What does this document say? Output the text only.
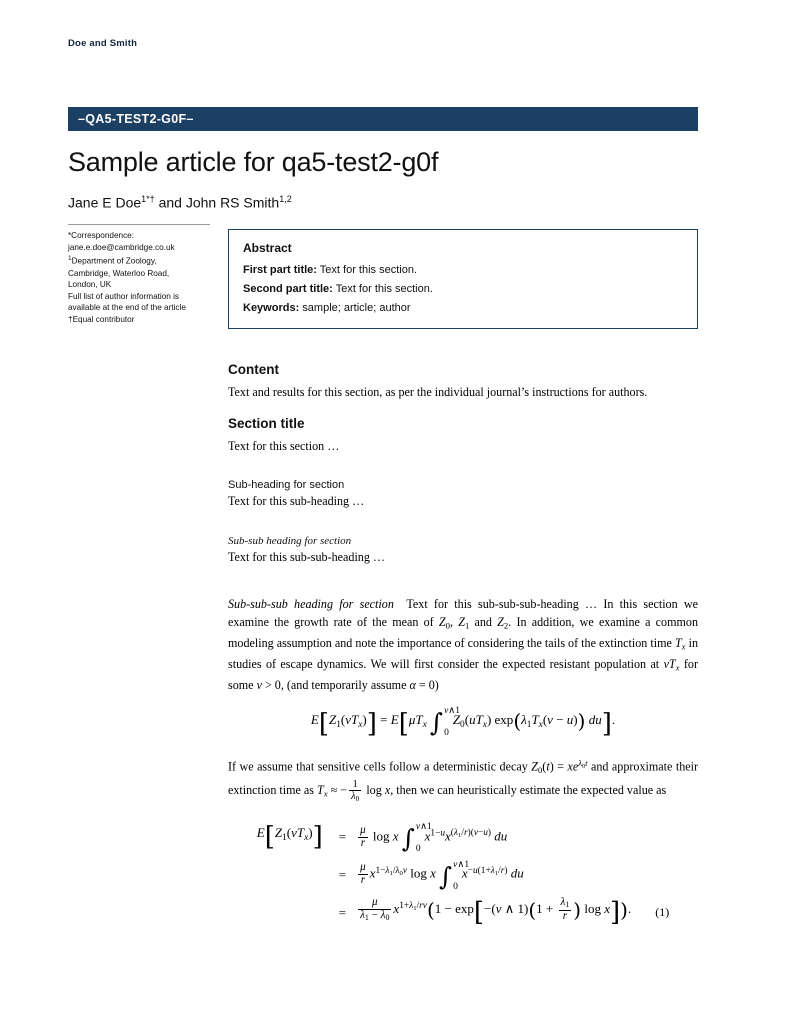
Doe and Smith
–QA5-TEST2-G0F–
Sample article for qa5-test2-g0f
Jane E Doe$^{1*\dagger}$ and John RS Smith$^{1,2}$
*Correspondence:
jane.e.doe@cambridge.co.uk
$^1$Department of Zoology,
Cambridge, Waterloo Road,
London, UK
Full list of author information is
available at the end of the article
†Equal contributor
Abstract
First part title: Text for this section.
Second part title: Text for this section.
Keywords: sample; article; author
Content

Text and results for this section, as per the individual journal’s instructions for authors.

Section title

Text for this section …

Sub-heading for section

Text for this sub-heading …

Sub-sub heading for section

Text for this sub-sub-heading …

Sub-sub-sub heading for section  Text for this sub-sub-sub-heading … In this section we examine the growth rate of the mean of $Z_0$, $Z_1$ and $Z_2$. In addition, we examine a common modeling assumption and note the importance of considering the tails of the extinction time $T_x$ in studies of escape dynamics. We will first consider the expected resistant population at $vT_x$ for some v > 0, (and temporarily assume α = 0)

$E[Z_1(vT_x)] = E[\mu T_x$ ∫ v∧1
0
$Z_0(uT_x) \exp(\lambda_1T_x(v - u))$ du].

If we assume that sensitive cells follow a deterministic decay $Z_0(t) = xe^{\lambda_0t}$ and approximate their extinction time as $T_x$ ≈ − $\frac{1}{\lambda_0}$ log x, then we can heuristically estimate the expected value as

$E[Z_1(vT_x)]$	=	$\frac{\mu}{r}$ log x ∫ v∧1
0
$x^{1-u}x^{(\lambda_1/r)(v-u)}$ du	
	=	$\frac{\mu}{r} x^{1-\lambda_1/\lambda_0v}$ log x ∫ v∧1
0
$x^{-u(1+\lambda_1/r)}$ du	
	=	$\frac{\mu}{\lambda_1 - \lambda_0} x^{1+\lambda_1/rv}(1 - \exp[-(v$ ∧ $1)(1 + \frac{\lambda_1}{r}$ ) log x]).	(1)
